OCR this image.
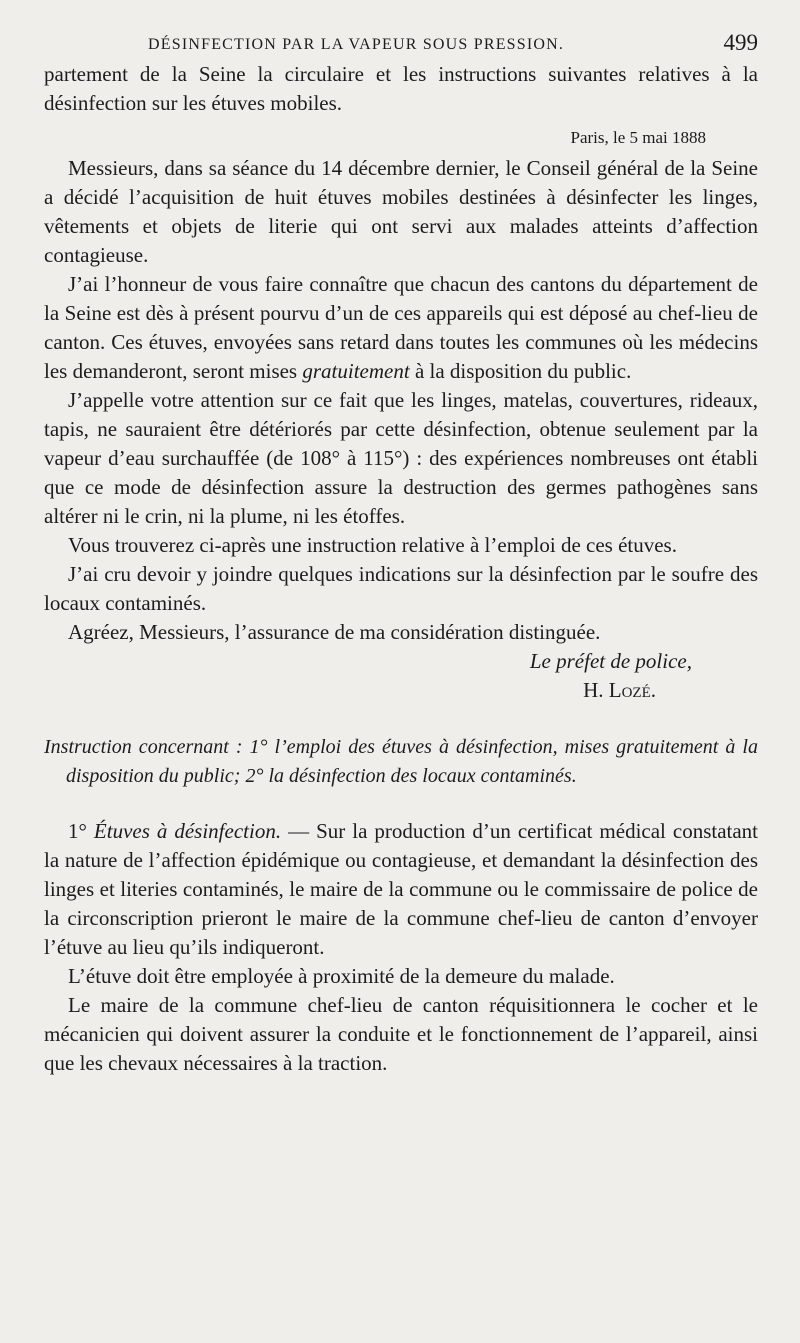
DÉSINFECTION PAR LA VAPEUR SOUS PRESSION.	499

partement de la Seine la circulaire et les instructions suivantes relatives à la désinfection sur les étuves mobiles.

Paris, le 5 mai 1888

Messieurs, dans sa séance du 14 décembre dernier, le Conseil général de la Seine a décidé l’acquisition de huit étuves mobiles destinées à désinfecter les linges, vêtements et objets de literie qui ont servi aux malades atteints d’affection contagieuse.

J’ai l’honneur de vous faire connaître que chacun des cantons du département de la Seine est dès à présent pourvu d’un de ces appareils qui est déposé au chef-lieu de canton. Ces étuves, envoyées sans retard dans toutes les communes où les médecins les demanderont, seront mises gratuitement à la disposition du public.

J’appelle votre attention sur ce fait que les linges, matelas, couvertures, rideaux, tapis, ne sauraient être détériorés par cette désinfection, obtenue seulement par la vapeur d’eau surchauffée (de 108° à 115°) : des expériences nombreuses ont établi que ce mode de désinfection assure la destruction des germes pathogènes sans altérer ni le crin, ni la plume, ni les étoffes.

Vous trouverez ci-après une instruction relative à l’emploi de ces étuves.

J’ai cru devoir y joindre quelques indications sur la désinfection par le soufre des locaux contaminés.

Agréez, Messieurs, l’assurance de ma considération distinguée.

Le préfet de police,

H. Lozé.

Instruction concernant : 1° l’emploi des étuves à désinfection, mises gratuitement à la disposition du public; 2° la désinfection des locaux contaminés.

1° Étuves à désinfection. — Sur la production d’un certificat médical constatant la nature de l’affection épidémique ou contagieuse, et demandant la désinfection des linges et literies contaminés, le maire de la commune ou le commissaire de police de la circonscription prieront le maire de la commune chef-lieu de canton d’envoyer l’étuve au lieu qu’ils indiqueront.

L’étuve doit être employée à proximité de la demeure du malade.

Le maire de la commune chef-lieu de canton réquisitionnera le cocher et le mécanicien qui doivent assurer la conduite et le fonctionnement de l’appareil, ainsi que les chevaux nécessaires à la traction.
